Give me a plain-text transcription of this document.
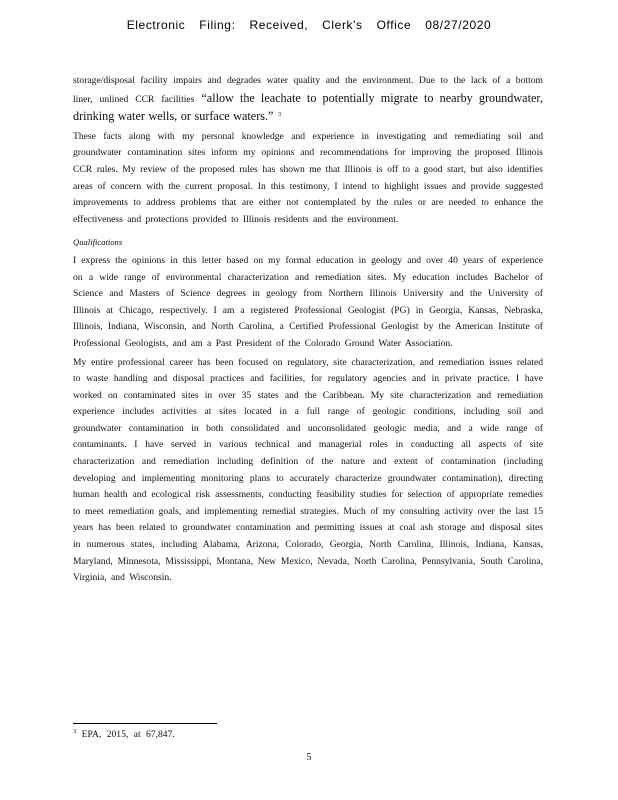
Electronic Filing: Received, Clerk's Office 08/27/2020

storage/disposal facility impairs and degrades water quality and the environment. Due to the lack of a bottom liner, unlined CCR facilities “allow the leachate to potentially migrate to nearby groundwater, drinking water wells, or surface waters.” $^3$

These facts along with my personal knowledge and experience in investigating and remediating soil and groundwater contamination sites inform my opinions and recommendations for improving the proposed Illinois CCR rules. My review of the proposed rules has shown me that Illinois is off to a good start, but also identifies areas of concern with the current proposal. In this testimony, I intend to highlight issues and provide suggested improvements to address problems that are either not contemplated by the rules or are needed to enhance the effectiveness and protections provided to Illinois residents and the environment.

Qualifications

I express the opinions in this letter based on my formal education in geology and over 40 years of experience on a wide range of environmental characterization and remediation sites. My education includes Bachelor of Science and Masters of Science degrees in geology from Northern Illinois University and the University of Illinois at Chicago, respectively. I am a registered Professional Geologist (PG) in Georgia, Kansas, Nebraska, Illinois, Indiana, Wisconsin, and North Carolina, a Certified Professional Geologist by the American Institute of Professional Geologists, and am a Past President of the Colorado Ground Water Association.

My entire professional career has been focused on regulatory, site characterization, and remediation issues related to waste handling and disposal practices and facilities, for regulatory agencies and in private practice. I have worked on contaminated sites in over 35 states and the Caribbean. My site characterization and remediation experience includes activities at sites located in a full range of geologic conditions, including soil and groundwater contamination in both consolidated and unconsolidated geologic media, and a wide range of contaminants. I have served in various technical and managerial roles in conducting all aspects of site characterization and remediation including definition of the nature and extent of contamination (including developing and implementing monitoring plans to accurately characterize groundwater contamination), directing human health and ecological risk assessments, conducting feasibility studies for selection of appropriate remedies to meet remediation goals, and implementing remedial strategies. Much of my consulting activity over the last 15 years has been related to groundwater contamination and permitting issues at coal ash storage and disposal sites in numerous states, including Alabama, Arizona, Colorado, Georgia, North Carolina, Illinois, Indiana, Kansas, Maryland, Minnesota, Mississippi, Montana, New Mexico, Nevada, North Carolina, Pennsylvania, South Carolina, Virginia, and Wisconsin.

$^3$ EPA, 2015, at 67,847.
5
